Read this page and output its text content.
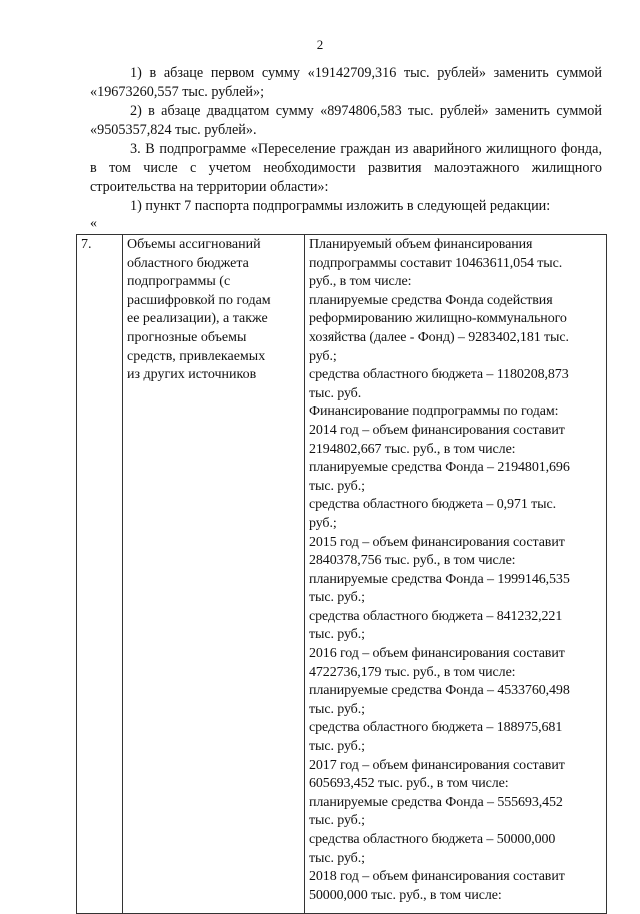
2
1) в абзаце первом сумму «19142709,316 тыс. рублей» заменить суммой «19673260,557 тыс. рублей»;
2) в абзаце двадцатом сумму «8974806,583 тыс. рублей» заменить суммой «9505357,824 тыс. рублей».
3. В подпрограмме «Переселение граждан из аварийного жилищного фонда, в том числе с учетом необходимости развития малоэтажного жилищного строительства на территории области»:
1) пункт 7 паспорта подпрограммы изложить в следующей редакции:
«
7.	Объемы ассигнований
областного бюджета
подпрограммы (с
расшифровкой по годам
ее реализации), а также
прогнозные объемы
средств, привлекаемых
из других источников

Планируемый объем финансирования
подпрограммы составит 10463611,054 тыс.
руб., в том числе:
планируемые средства Фонда содействия
реформированию жилищно-коммунального
хозяйства (далее - Фонд) – 9283402,181 тыс.
руб.;
средства областного бюджета – 1180208,873
тыс. руб.
Финансирование подпрограммы по годам:
2014 год – объем финансирования составит
2194802,667 тыс. руб., в том числе:
планируемые средства Фонда – 2194801,696
тыс. руб.;
средства областного бюджета – 0,971 тыс.
руб.;
2015 год – объем финансирования составит
2840378,756 тыс. руб., в том числе:
планируемые средства Фонда – 1999146,535
тыс. руб.;
средства областного бюджета – 841232,221
тыс. руб.;
2016 год – объем финансирования составит
4722736,179 тыс. руб., в том числе:
планируемые средства Фонда – 4533760,498
тыс. руб.;
средства областного бюджета – 188975,681
тыс. руб.;
2017 год – объем финансирования составит
605693,452 тыс. руб., в том числе:
планируемые средства Фонда – 555693,452
тыс. руб.;
средства областного бюджета – 50000,000
тыс. руб.;
2018 год – объем финансирования составит
50000,000 тыс. руб., в том числе:
